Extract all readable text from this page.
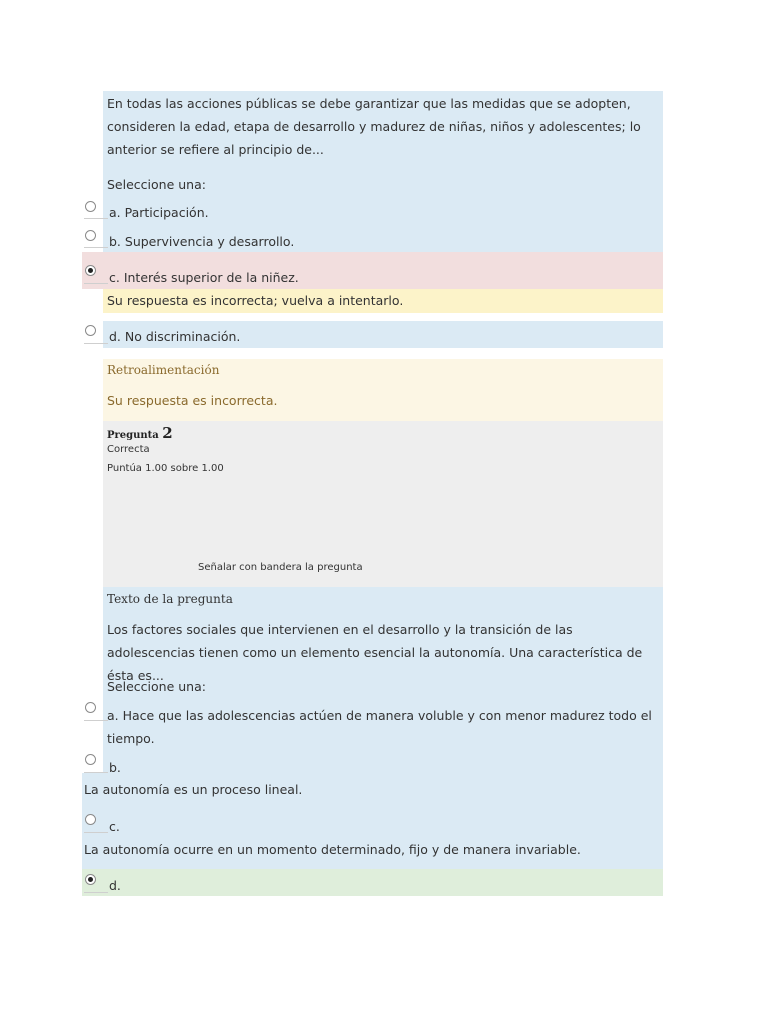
En todas las acciones públicas se debe garantizar que las medidas que se adopten, consideren la edad, etapa de desarrollo y madurez de niñas, niños y adolescentes; lo anterior se refiere al principio de...
Seleccione una:
a. Participación.
b. Supervivencia y desarrollo.
c. Interés superior de la niñez.
Su respuesta es incorrecta; vuelva a intentarlo.
d. No discriminación.
Retroalimentación
Su respuesta es incorrecta.
Pregunta 2
Correcta
Puntúa 1.00 sobre 1.00
Señalar con bandera la pregunta
Texto de la pregunta
Los factores sociales que intervienen en el desarrollo y la transición de las adolescencias tienen como un elemento esencial la autonomía. Una característica de ésta es...
Seleccione una:
a. Hace que las adolescencias actúen de manera voluble y con menor madurez todo el tiempo.
b.
La autonomía es un proceso lineal.
c.
La autonomía ocurre en un momento determinado, fijo y de manera invariable.
d.
